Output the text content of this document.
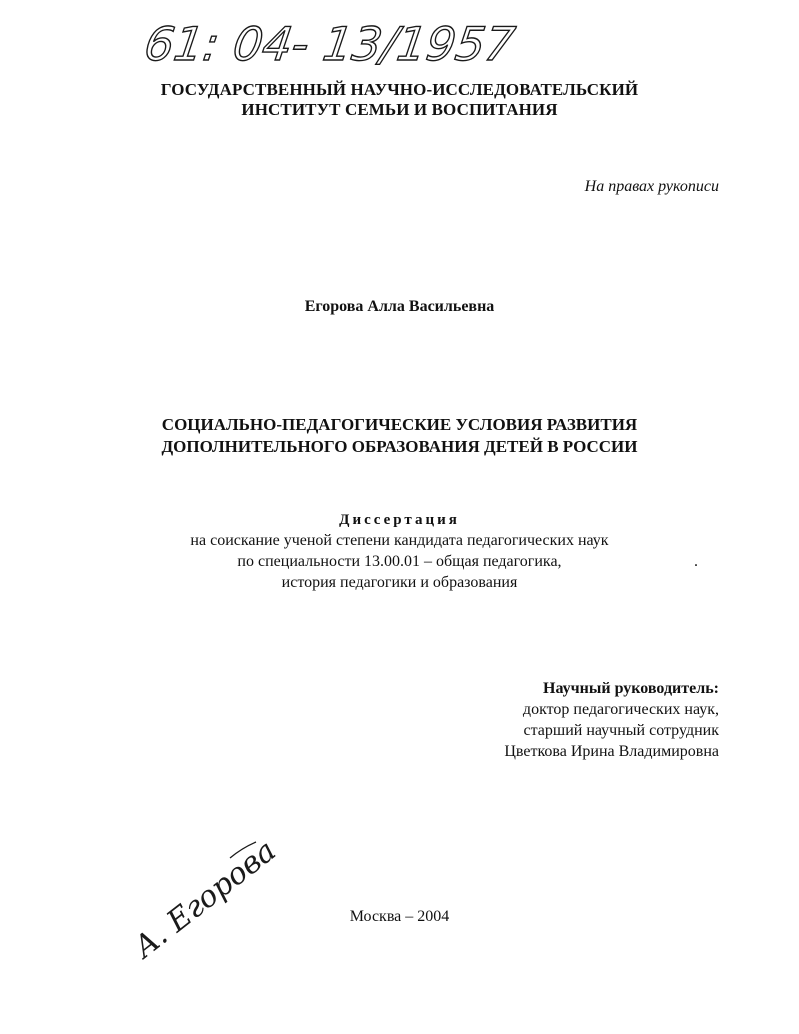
61: 04- 13/1957
ГОСУДАРСТВЕННЫЙ НАУЧНО-ИССЛЕДОВАТЕЛЬСКИЙ
ИНСТИТУТ СЕМЬИ И ВОСПИТАНИЯ
На правах рукописи
Егорова Алла Васильевна
СОЦИАЛЬНО-ПЕДАГОГИЧЕСКИЕ УСЛОВИЯ РАЗВИТИЯ
ДОПОЛНИТЕЛЬНОГО ОБРАЗОВАНИЯ ДЕТЕЙ В РОССИИ
Диссертация
на соискание ученой степени кандидата педагогических наук
по специальности 13.00.01 – общая педагогика,
история педагогики и образования
.
Научный руководитель:
доктор педагогических наук,
старший научный сотрудник
Цветкова Ирина Владимировна
А. Егорова	Москва – 2004
